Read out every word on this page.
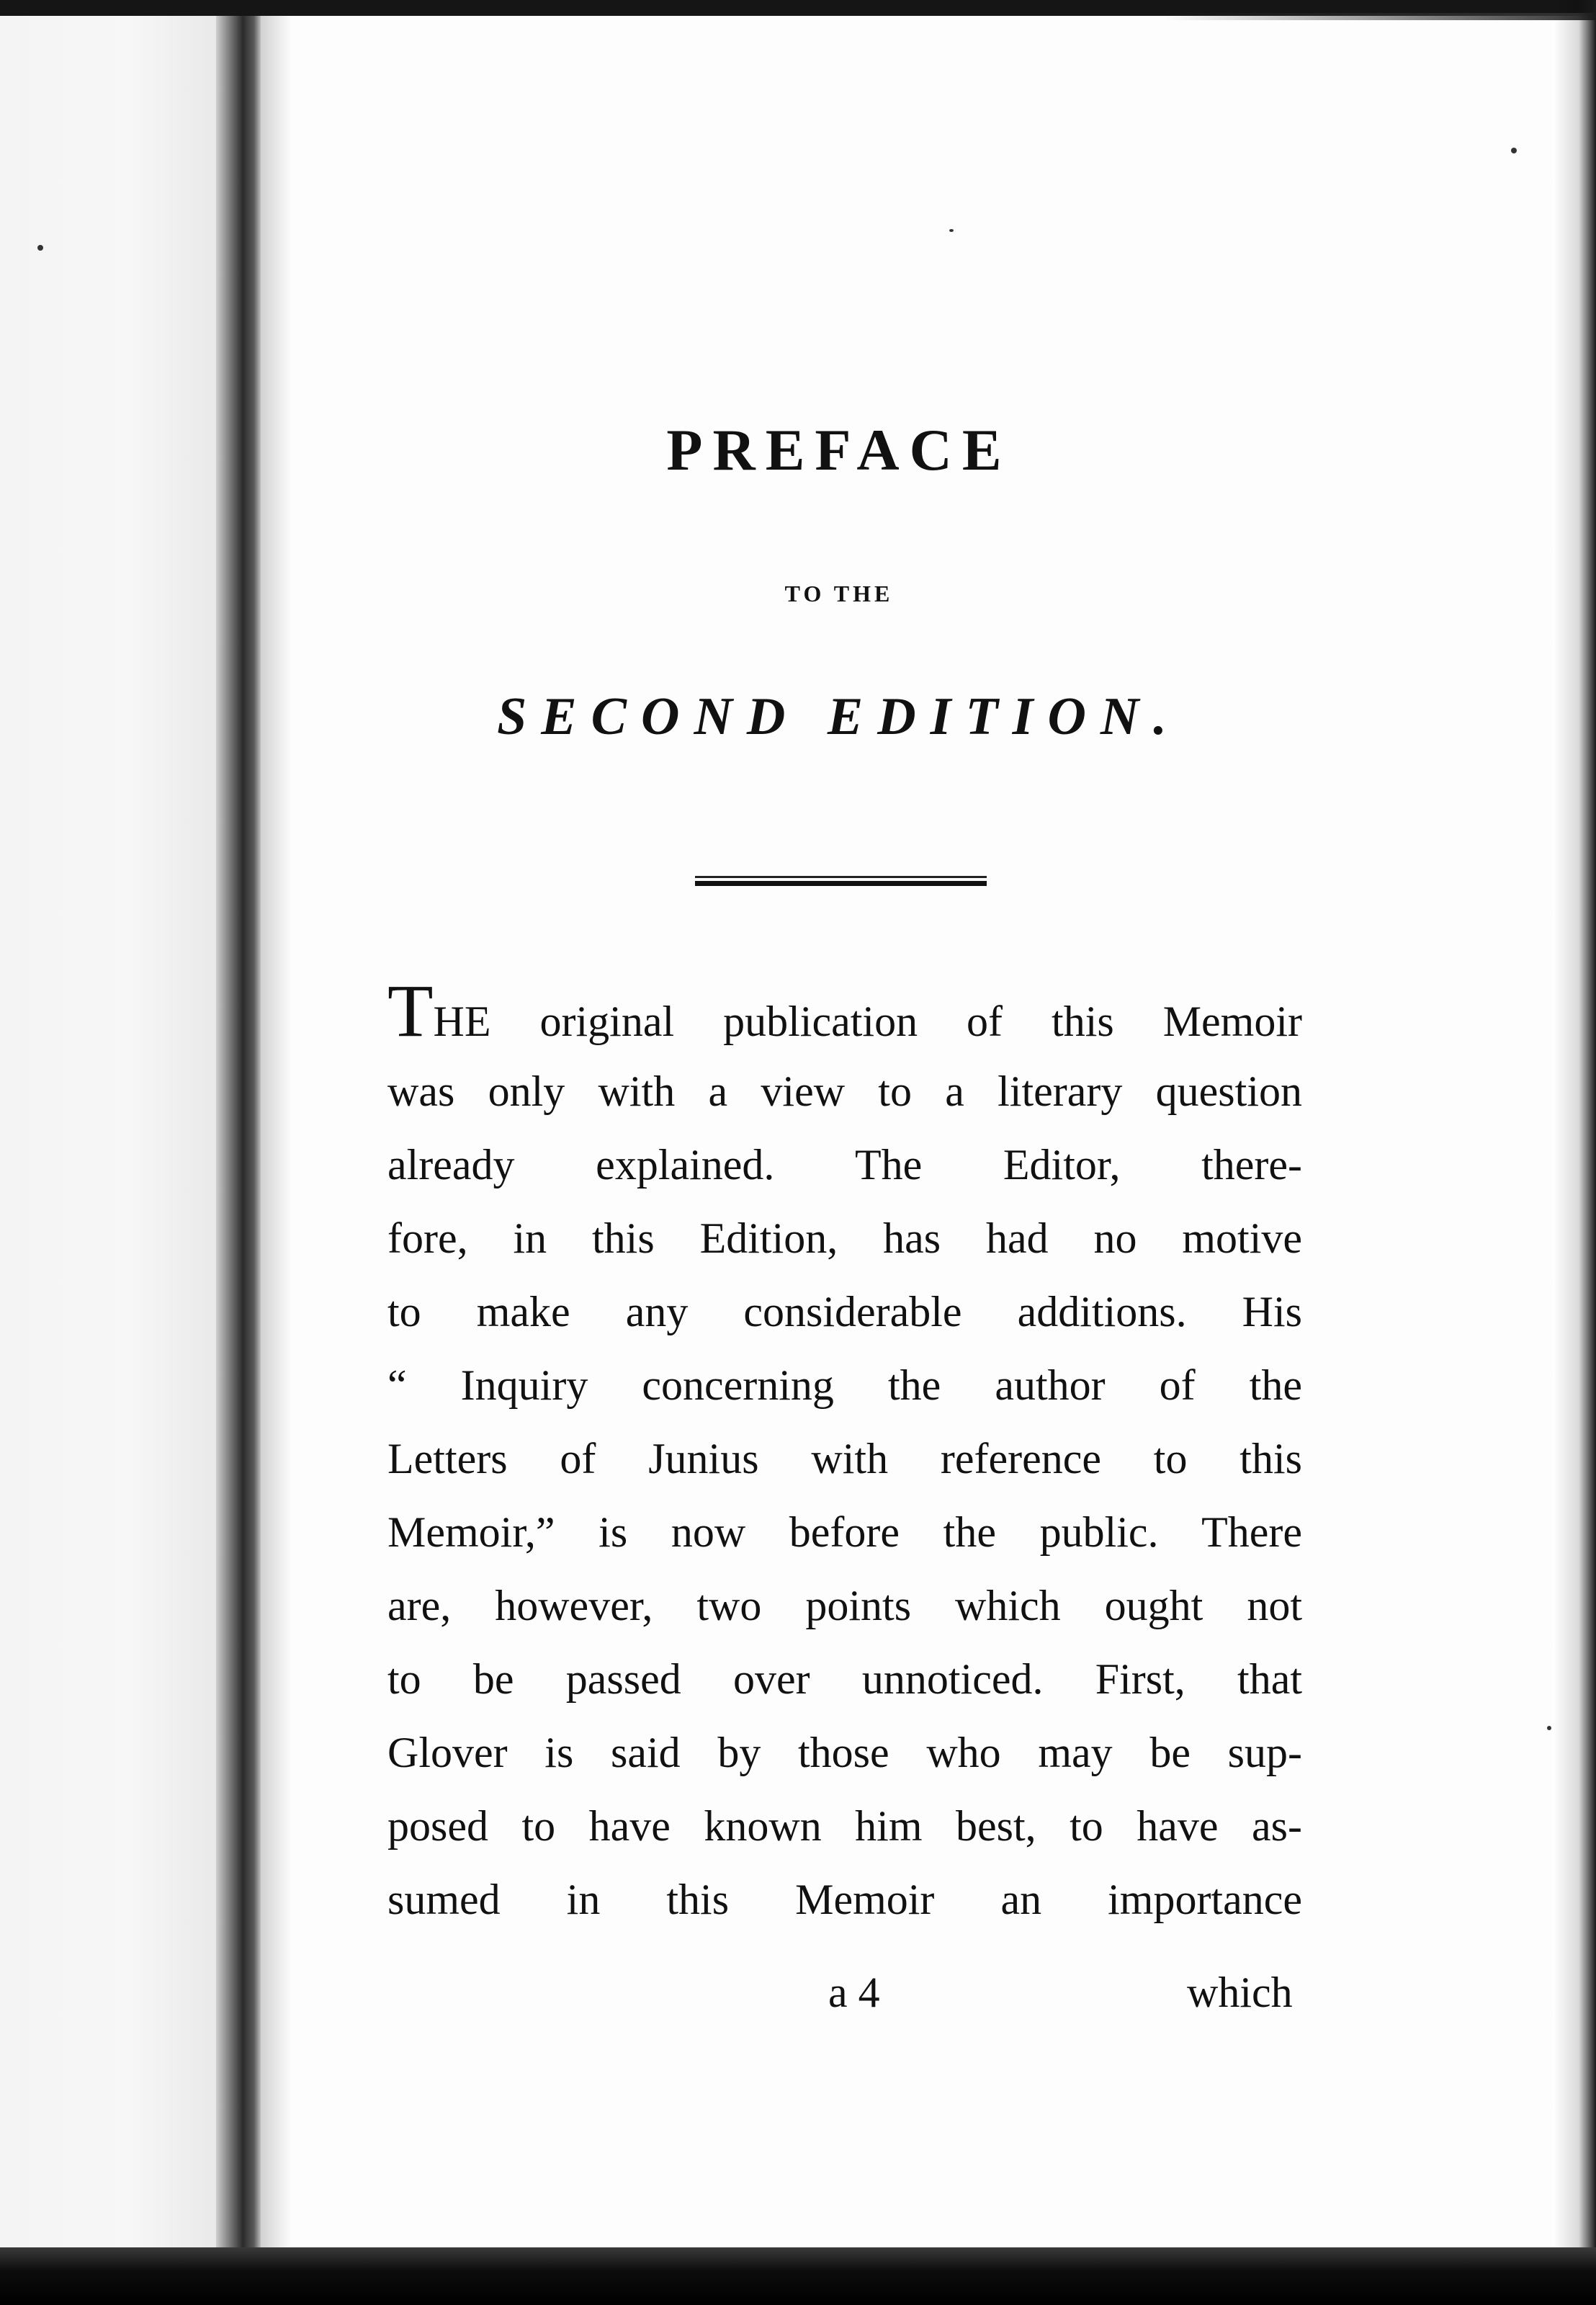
PREFACE
TO THE
SECOND EDITION.
THE original publication of this Memoir
was only with a view to a literary question
already explained. The Editor, there-
fore, in this Edition, has had no motive
to make any considerable additions. His
“ Inquiry concerning the author of the
Letters of Junius with reference to this
Memoir,” is now before the public. There
are, however, two points which ought not
to be passed over unnoticed. First, that
Glover is said by those who may be sup-
posed to have known him best, to have as-
sumed in this Memoir an importance
a 4	which
